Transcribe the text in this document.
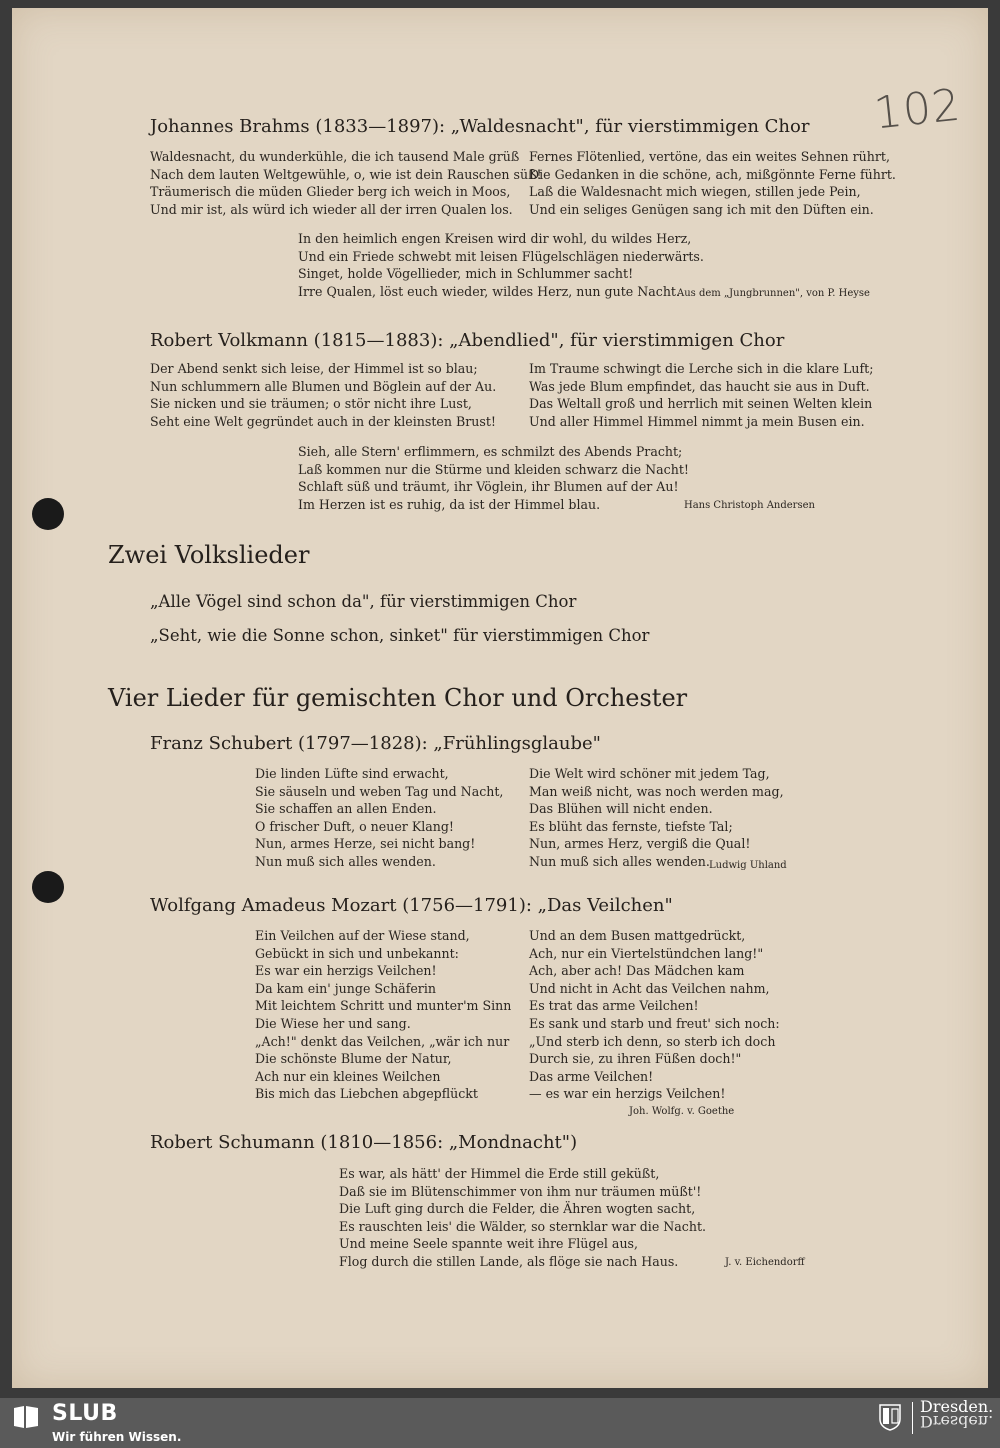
102
Johannes Brahms (1833—1897): „Waldesnacht", für vierstimmigen Chor
Waldesnacht, du wunderkühle, die ich tausend Male grüß
Nach dem lauten Weltgewühle, o, wie ist dein Rauschen süß!
Träumerisch die müden Glieder berg ich weich in Moos,
Und mir ist, als würd ich wieder all der irren Qualen los.
Fernes Flötenlied, vertöne, das ein weites Sehnen rührt,
Die Gedanken in die schöne, ach, mißgönnte Ferne führt.
Laß die Waldesnacht mich wiegen, stillen jede Pein,
Und ein seliges Genügen sang ich mit den Düften ein.
In den heimlich engen Kreisen wird dir wohl, du wildes Herz,
Und ein Friede schwebt mit leisen Flügelschlägen niederwärts.
Singet, holde Vögellieder, mich in Schlummer sacht!
Irre Qualen, löst euch wieder, wildes Herz, nun gute Nacht.
Aus dem „Jungbrunnen", von P. Heyse
Robert Volkmann (1815—1883): „Abendlied", für vierstimmigen Chor
Der Abend senkt sich leise, der Himmel ist so blau;
Nun schlummern alle Blumen und Böglein auf der Au.
Sie nicken und sie träumen; o stör nicht ihre Lust,
Seht eine Welt gegründet auch in der kleinsten Brust!
Im Traume schwingt die Lerche sich in die klare Luft;
Was jede Blum empfindet, das haucht sie aus in Duft.
Das Weltall groß und herrlich mit seinen Welten klein
Und aller Himmel Himmel nimmt ja mein Busen ein.
Sieh, alle Stern' erflimmern, es schmilzt des Abends Pracht;
Laß kommen nur die Stürme und kleiden schwarz die Nacht!
Schlaft süß und träumt, ihr Vöglein, ihr Blumen auf der Au!
Im Herzen ist es ruhig, da ist der Himmel blau.	Hans Christoph Andersen
Zwei Volkslieder
„Alle Vögel sind schon da", für vierstimmigen Chor
„Seht, wie die Sonne schon, sinket" für vierstimmigen Chor
Vier Lieder für gemischten Chor und Orchester
Franz Schubert (1797—1828): „Frühlingsglaube"
Die linden Lüfte sind erwacht,
Sie säuseln und weben Tag und Nacht,
Sie schaffen an allen Enden.
O frischer Duft, o neuer Klang!
Nun, armes Herze, sei nicht bang!
Nun muß sich alles wenden.
Die Welt wird schöner mit jedem Tag,
Man weiß nicht, was noch werden mag,
Das Blühen will nicht enden.
Es blüht das fernste, tiefste Tal;
Nun, armes Herz, vergiß die Qual!
Nun muß sich alles wenden. Ludwig Uhland
Wolfgang Amadeus Mozart (1756—1791): „Das Veilchen"
Ein Veilchen auf der Wiese stand,
Gebückt in sich und unbekannt:
Es war ein herzigs Veilchen!
Da kam ein' junge Schäferin
Mit leichtem Schritt und munter'm Sinn
Die Wiese her und sang.
„Ach!" denkt das Veilchen, „wär ich nur
Die schönste Blume der Natur,
Ach nur ein kleines Weilchen
Bis mich das Liebchen abgepflückt
Und an dem Busen mattgedrückt,
Ach, nur ein Viertelstündchen lang!"
Ach, aber ach! Das Mädchen kam
Und nicht in Acht das Veilchen nahm,
Es trat das arme Veilchen!
Es sank und starb und freut' sich noch:
„Und sterb ich denn, so sterb ich doch
Durch sie, zu ihren Füßen doch!"
Das arme Veilchen!
— es war ein herzigs Veilchen!
Joh. Wolfg. v. Goethe
Robert Schumann (1810—1856: „Mondnacht")
Es war, als hätt' der Himmel die Erde still geküßt,
Daß sie im Blütenschimmer von ihm nur träumen müßt'!
Die Luft ging durch die Felder, die Ähren wogten sacht,
Es rauschten leis' die Wälder, so sternklar war die Nacht.
Und meine Seele spannte weit ihre Flügel aus,
Flog durch die stillen Lande, als flöge sie nach Haus.	J. v. Eichendorff
SLUB
Wir führen Wissen.
Dresden.
Dresden.
